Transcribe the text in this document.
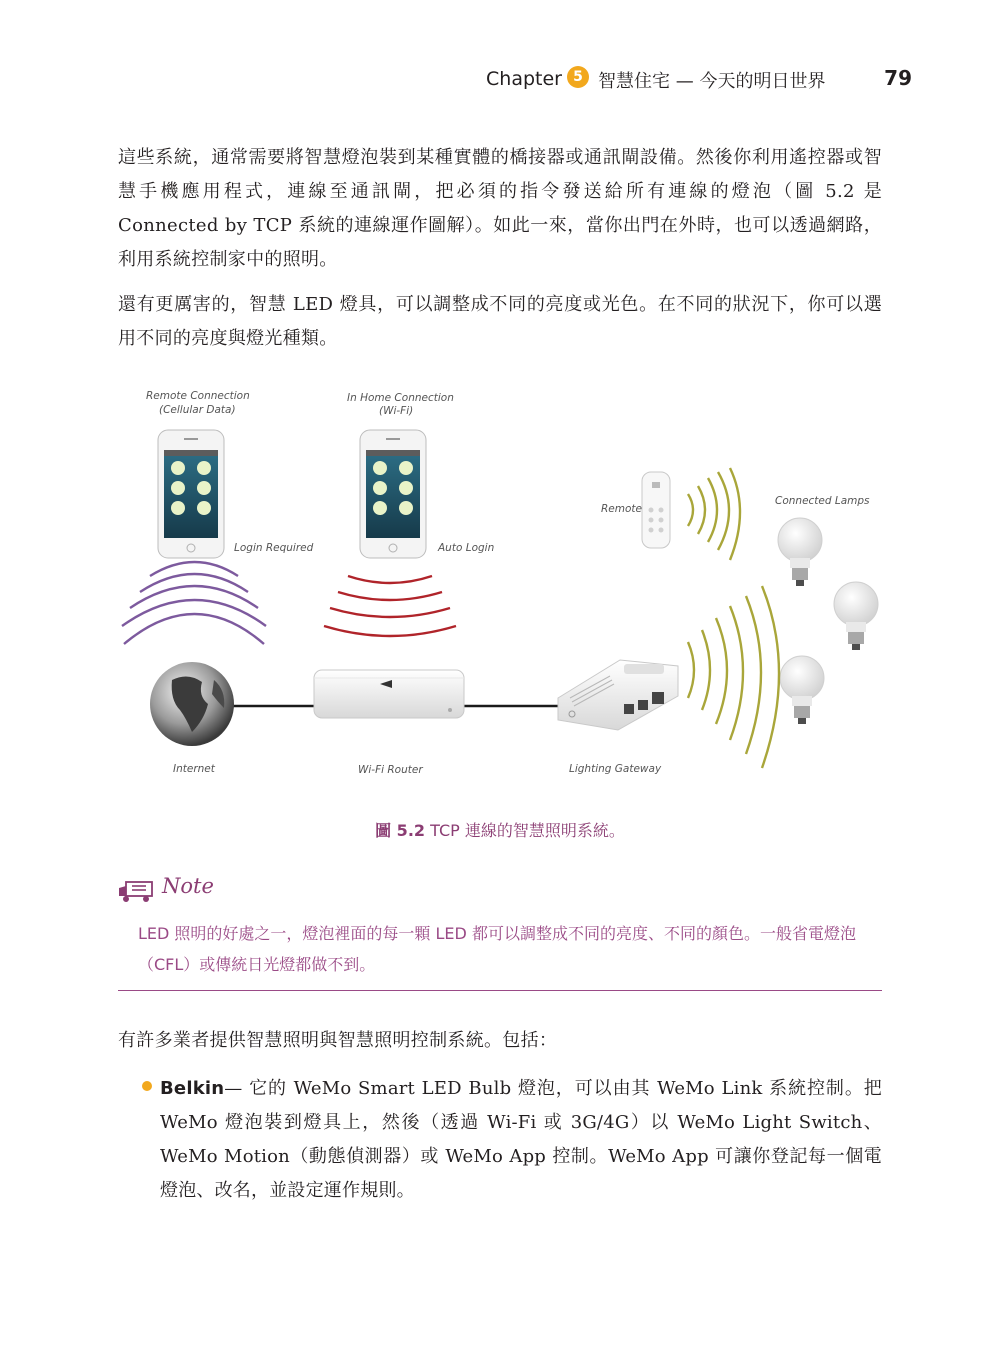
Chapter 5 智慧住宅 — 今天的明日世界	79
這些系統，通常需要將智慧燈泡裝到某種實體的橋接器或通訊閘設備。然後你利用遙控器或智慧手機應用程式，連線至通訊閘，把必須的指令發送給所有連線的燈泡（圖 5.2 是 Connected by TCP 系統的連線運作圖解）。如此一來，當你出門在外時，也可以透過網路，利用系統控制家中的照明。
還有更厲害的，智慧 LED 燈具，可以調整成不同的亮度或光色。在不同的狀況下，你可以選用不同的亮度與燈光種類。
Remote Connection
(Cellular Data)
In Home Connection
(Wi-Fi)
Login Required	Auto Login
Remote
Connected Lamps
Internet	Wi-Fi Router	Lighting Gateway
圖 5.2 TCP 連線的智慧照明系統。
Note
LED 照明的好處之一，燈泡裡面的每一顆 LED 都可以調整成不同的亮度、不同的顏色。一般省電燈泡（CFL）或傳統日光燈都做不到。
有許多業者提供智慧照明與智慧照明控制系統。包括：
Belkin— 它的 WeMo Smart LED Bulb 燈泡，可以由其 WeMo Link 系統控制。把 WeMo 燈泡裝到燈具上，然後（透過 Wi-Fi 或 3G/4G）以 WeMo Light Switch、WeMo Motion（動態偵測器）或 WeMo App 控制。WeMo App 可讓你登記每一個電燈泡、改名，並設定運作規則。
